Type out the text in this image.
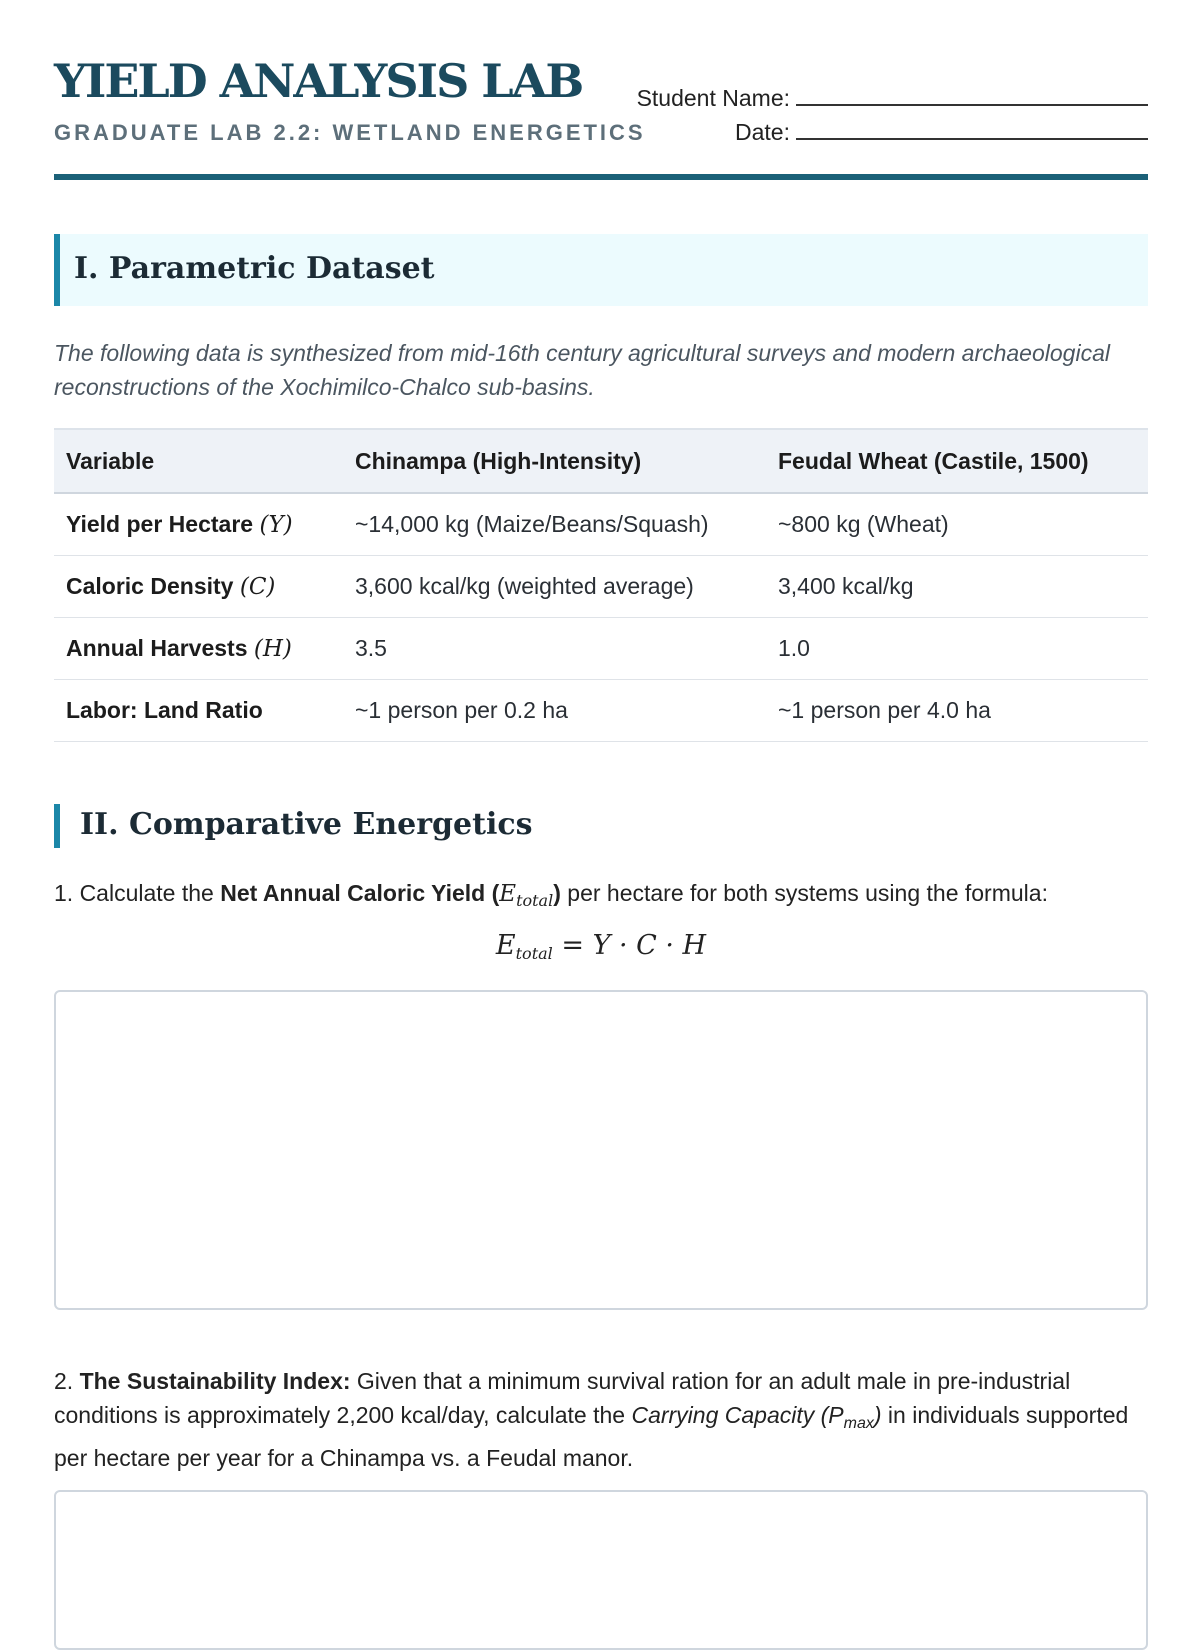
YIELD ANALYSIS LAB

GRADUATE LAB 2.2: WETLAND ENERGETICS

Student Name:
Date:
I. Parametric Dataset

The following data is synthesized from mid-16th century agricultural surveys and modern archaeological reconstructions of the Xochimilco-Chalco sub-basins.

Variable	Chinampa (High-Intensity)	Feudal Wheat (Castile, 1500)
Yield per Hectare (Y)	~14,000 kg (Maize/Beans/Squash)	~800 kg (Wheat)
Caloric Density (C)	3,600 kcal/kg (weighted average)	3,400 kcal/kg
Annual Harvests (H)	3.5	1.0
Labor: Land Ratio	~1 person per 0.2 ha	~1 person per 4.0 ha
II. Comparative Energetics

1. Calculate the Net Annual Caloric Yield $(E_{total})$ per hectare for both systems using the formula:

$E_{total} = Y \cdot C \cdot H$

2. The Sustainability Index: Given that a minimum survival ration for an adult male in pre-industrial conditions is approximately 2,200 kcal/day, calculate the Carrying Capacity $(P_{max})$ in individuals supported per hectare per year for a Chinampa vs. a Feudal manor.
